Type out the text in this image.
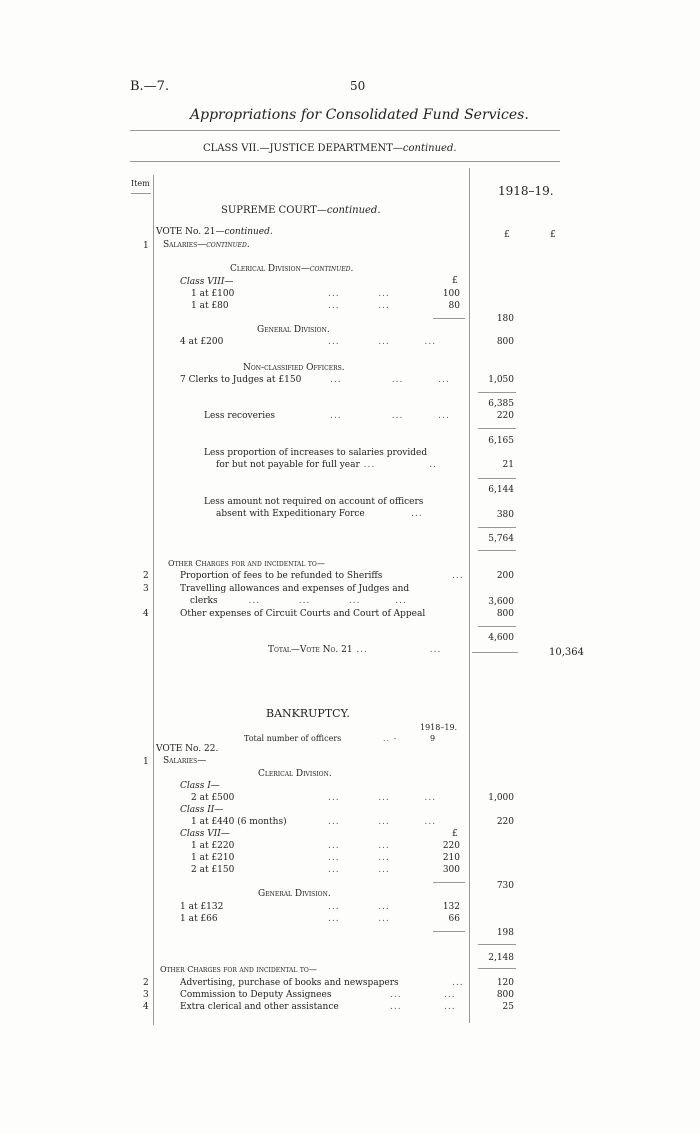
B.—7.	50
Appropriations for Consolidated Fund Services.
CLASS VII.—JUSTICE DEPARTMENT—continued.
Item
1918–19.
£	£
SUPREME COURT—continued.
VOTE No. 21—continued.
1 Salaries—continued.
Clerical Division—continued.
Class VIII—	£
1 at £100	...          ...	100
1 at £80	...          ...	80
180
General Division.
4 at £200	...          ...         ...	800
Non-classified Officers.
7 Clerks to Judges at £150	...             ...         ...	1,050
6,385
Less recoveries	...             ...         ...	220
6,165
Less proportion of increases to salaries provided
for but not payable for full year ...              ..	21
6,144
Less amount not required on account of officers
absent with Expeditionary Force            ...	380
5,764
Other Charges for and incidental to—
2	Proportion of fees to be refunded to Sheriffs	...	200
3	Travelling allowances and expenses of Judges and
clerks        ...          ...          ...         ...	3,600
4	Other expenses of Circuit Courts and Court of Appeal	800
4,600
Total—Vote No. 21 ...                ...	10,364
BANKRUPTCY.
1918–19.
Total number of officers	.. -	9
VOTE No. 22.
1 Salaries—
Clerical Division.
Class I—
2 at £500	...          ...         ...	1,000
Class II—
1 at £440 (6 months)	...          ...         ...	220
Class VII—	£
1 at £220	...          ...	220
1 at £210	...          ...	210
2 at £150	...          ...	300
730
General Division.
1 at £132	...          ...	132
1 at £66	...          ...	66
198
2,148
Other Charges for and incidental to—
2	Advertising, purchase of books and newspapers	...	120
3	Commission to Deputy Assignees	...           ...	800
4	Extra clerical and other assistance	...           ...	25
